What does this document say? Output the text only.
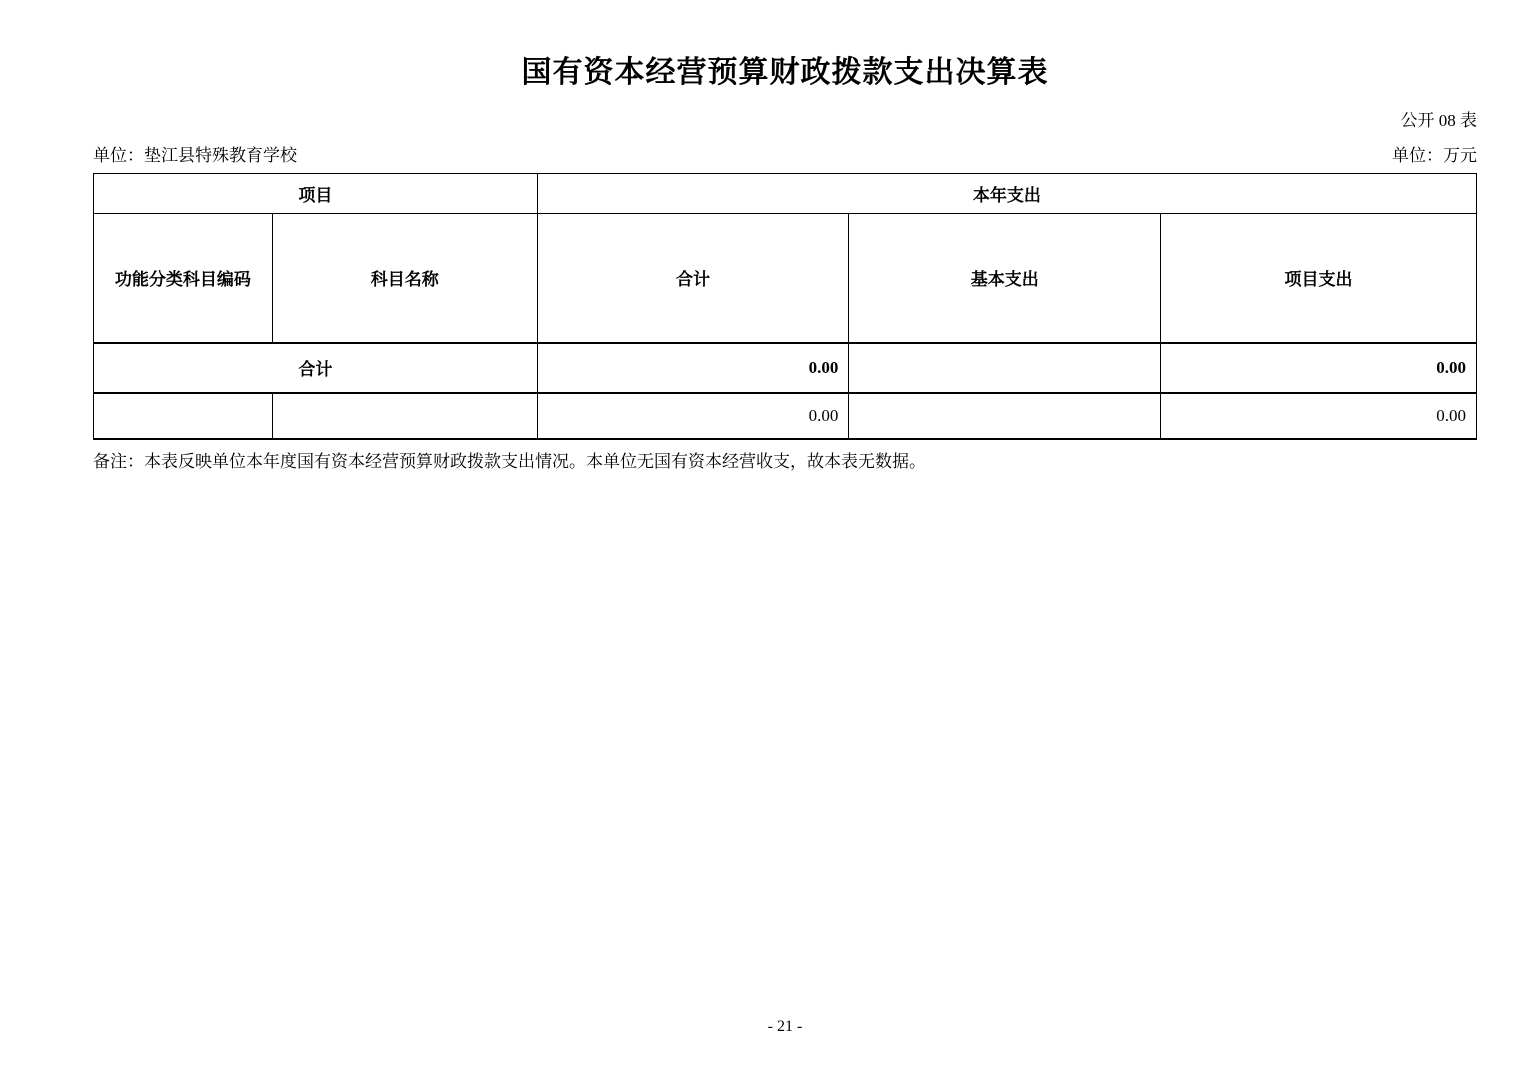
国有资本经营预算财政拨款支出决算表
公开 08 表
单位：垫江县特殊教育学校	单位：万元
项目		本年支出		
功能分类科目编码	科目名称	合计	基本支出	项目支出
合计		0.00		0.00
		0.00		0.00
备注：本表反映单位本年度国有资本经营预算财政拨款支出情况。本单位无国有资本经营收支，故本表无数据。
- 21 -
